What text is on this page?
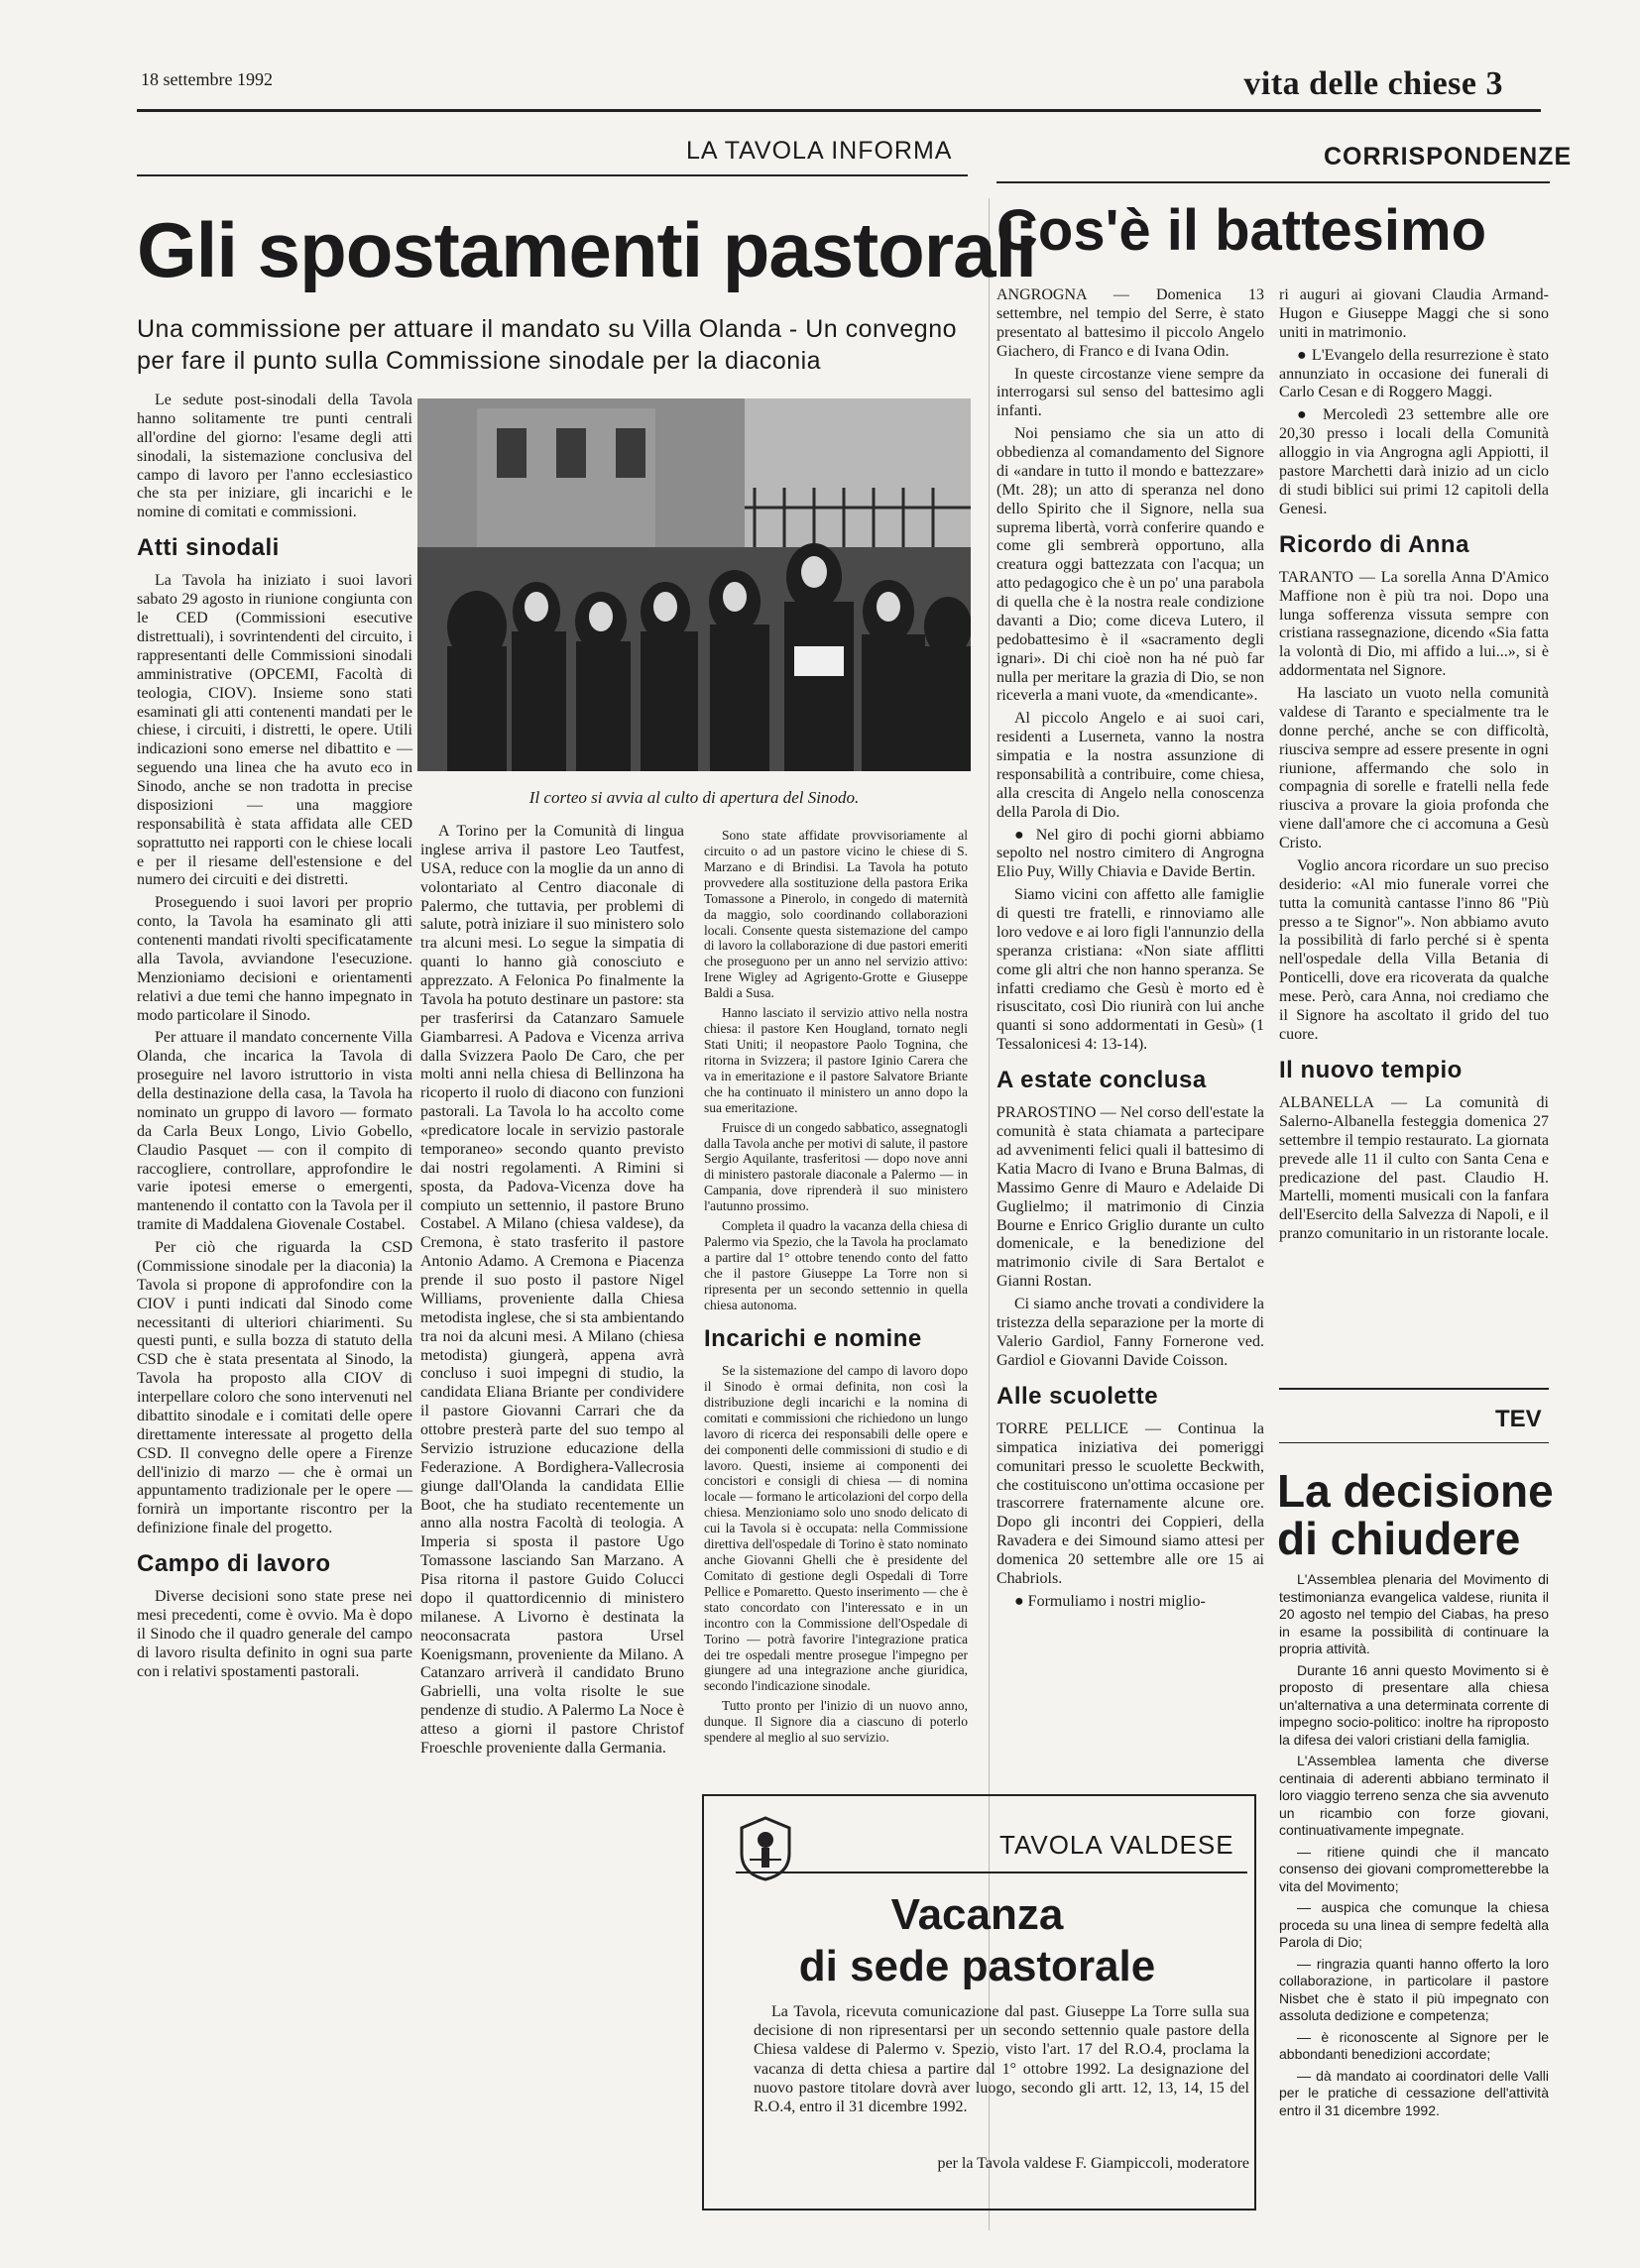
18 settembre 1992	vita delle chiese 3
LA TAVOLA INFORMA	CORRISPONDENZE
Gli spostamenti pastorali
Una commissione per attuare il mandato su Villa Olanda - Un convegno per fare il punto sulla Commissione sinodale per la diaconia
Cos'è il battesimo
Il corteo si avvia al culto di apertura del Sinodo.

Le sedute post-sinodali della Tavola hanno solitamente tre punti centrali all'ordine del giorno: l'esame degli atti sinodali, la sistemazione conclusiva del campo di lavoro per l'anno ecclesiastico che sta per iniziare, gli incarichi e le nomine di comitati e commissioni.

Atti sinodali

La Tavola ha iniziato i suoi lavori sabato 29 agosto in riunione congiunta con le CED (Commissioni esecutive distrettuali), i sovrintendenti del circuito, i rappresentanti delle Commissioni sinodali amministrative (OPCEMI, Facoltà di teologia, CIOV). Insieme sono stati esaminati gli atti contenenti mandati per le chiese, i circuiti, i distretti, le opere. Utili indicazioni sono emerse nel dibattito e — seguendo una linea che ha avuto eco in Sinodo, anche se non tradotta in precise disposizioni — una maggiore responsabilità è stata affidata alle CED soprattutto nei rapporti con le chiese locali e per il riesame dell'estensione e del numero dei circuiti e dei distretti.

Proseguendo i suoi lavori per proprio conto, la Tavola ha esaminato gli atti contenenti mandati rivolti specificatamente alla Tavola, avviandone l'esecuzione. Menzioniamo decisioni e orientamenti relativi a due temi che hanno impegnato in modo particolare il Sinodo.

Per attuare il mandato concernente Villa Olanda, che incarica la Tavola di proseguire nel lavoro istruttorio in vista della destinazione della casa, la Tavola ha nominato un gruppo di lavoro — formato da Carla Beux Longo, Livio Gobello, Claudio Pasquet — con il compito di raccogliere, controllare, approfondire le varie ipotesi emerse o emergenti, mantenendo il contatto con la Tavola per il tramite di Maddalena Giovenale Costabel.

Per ciò che riguarda la CSD (Commissione sinodale per la diaconia) la Tavola si propone di approfondire con la CIOV i punti indicati dal Sinodo come necessitanti di ulteriori chiarimenti. Su questi punti, e sulla bozza di statuto della CSD che è stata presentata al Sinodo, la Tavola ha proposto alla CIOV di interpellare coloro che sono intervenuti nel dibattito sinodale e i comitati delle opere direttamente interessate al progetto della CSD. Il convegno delle opere a Firenze dell'inizio di marzo — che è ormai un appuntamento tradizionale per le opere — fornirà un importante riscontro per la definizione finale del progetto.

Campo di lavoro

Diverse decisioni sono state prese nei mesi precedenti, come è ovvio. Ma è dopo il Sinodo che il quadro generale del campo di lavoro risulta definito in ogni sua parte con i relativi spostamenti pastorali.

A Torino per la Comunità di lingua inglese arriva il pastore Leo Tautfest, USA, reduce con la moglie da un anno di volontariato al Centro diaconale di Palermo, che tuttavia, per problemi di salute, potrà iniziare il suo ministero solo tra alcuni mesi. Lo segue la simpatia di quanti lo hanno già conosciuto e apprezzato. A Felonica Po finalmente la Tavola ha potuto destinare un pastore: sta per trasferirsi da Catanzaro Samuele Giambarresi. A Padova e Vicenza arriva dalla Svizzera Paolo De Caro, che per molti anni nella chiesa di Bellinzona ha ricoperto il ruolo di diacono con funzioni pastorali. La Tavola lo ha accolto come «predicatore locale in servizio pastorale temporaneo» secondo quanto previsto dai nostri regolamenti. A Rimini si sposta, da Padova-Vicenza dove ha compiuto un settennio, il pastore Bruno Costabel. A Milano (chiesa valdese), da Cremona, è stato trasferito il pastore Antonio Adamo. A Cremona e Piacenza prende il suo posto il pastore Nigel Williams, proveniente dalla Chiesa metodista inglese, che si sta ambientando tra noi da alcuni mesi. A Milano (chiesa metodista) giungerà, appena avrà concluso i suoi impegni di studio, la candidata Eliana Briante per condividere il pastore Giovanni Carrari che da ottobre presterà parte del suo tempo al Servizio istruzione educazione della Federazione. A Bordighera-Vallecrosia giunge dall'Olanda la candidata Ellie Boot, che ha studiato recentemente un anno alla nostra Facoltà di teologia. A Imperia si sposta il pastore Ugo Tomassone lasciando San Marzano. A Pisa ritorna il pastore Guido Colucci dopo il quattordicennio di ministero milanese. A Livorno è destinata la neoconsacrata pastora Ursel Koenigsmann, proveniente da Milano. A Catanzaro arriverà il candidato Bruno Gabrielli, una volta risolte le sue pendenze di studio. A Palermo La Noce è atteso a giorni il pastore Christof Froeschle proveniente dalla Germania.

Sono state affidate provvisoriamente al circuito o ad un pastore vicino le chiese di S. Marzano e di Brindisi. La Tavola ha potuto provvedere alla sostituzione della pastora Erika Tomassone a Pinerolo, in congedo di maternità da maggio, solo coordinando collaborazioni locali. Consente questa sistemazione del campo di lavoro la collaborazione di due pastori emeriti che proseguono per un anno nel servizio attivo: Irene Wigley ad Agrigento-Grotte e Giuseppe Baldi a Susa.

Hanno lasciato il servizio attivo nella nostra chiesa: il pastore Ken Hougland, tornato negli Stati Uniti; il neopastore Paolo Tognina, che ritorna in Svizzera; il pastore Iginio Carera che va in emeritazione e il pastore Salvatore Briante che ha continuato il ministero un anno dopo la sua emeritazione.

Fruisce di un congedo sabbatico, assegnatogli dalla Tavola anche per motivi di salute, il pastore Sergio Aquilante, trasferitosi — dopo nove anni di ministero pastorale diaconale a Palermo — in Campania, dove riprenderà il suo ministero l'autunno prossimo.

Completa il quadro la vacanza della chiesa di Palermo via Spezio, che la Tavola ha proclamato a partire dal 1° ottobre tenendo conto del fatto che il pastore Giuseppe La Torre non si ripresenta per un secondo settennio in quella chiesa autonoma.

Incarichi e nomine

Se la sistemazione del campo di lavoro dopo il Sinodo è ormai definita, non così la distribuzione degli incarichi e la nomina di comitati e commissioni che richiedono un lungo lavoro di ricerca dei responsabili delle opere e dei componenti delle commissioni di studio e di lavoro. Questi, insieme ai componenti dei concistori e consigli di chiesa — di nomina locale — formano le articolazioni del corpo della chiesa. Menzioniamo solo uno snodo delicato di cui la Tavola si è occupata: nella Commissione direttiva dell'ospedale di Torino è stato nominato anche Giovanni Ghelli che è presidente del Comitato di gestione degli Ospedali di Torre Pellice e Pomaretto. Questo inserimento — che è stato concordato con l'interessato e in un incontro con la Commissione dell'Ospedale di Torino — potrà favorire l'integrazione pratica dei tre ospedali mentre prosegue l'impegno per giungere ad una integrazione anche giuridica, secondo l'indicazione sinodale.

Tutto pronto per l'inizio di un nuovo anno, dunque. Il Signore dia a ciascuno di poterlo spendere al meglio al suo servizio.

ANGROGNA — Domenica 13 settembre, nel tempio del Serre, è stato presentato al battesimo il piccolo Angelo Giachero, di Franco e di Ivana Odin.

In queste circostanze viene sempre da interrogarsi sul senso del battesimo agli infanti.

Noi pensiamo che sia un atto di obbedienza al comandamento del Signore di «andare in tutto il mondo e battezzare» (Mt. 28); un atto di speranza nel dono dello Spirito che il Signore, nella sua suprema libertà, vorrà conferire quando e come gli sembrerà opportuno, alla creatura oggi battezzata con l'acqua; un atto pedagogico che è un po' una parabola di quella che è la nostra reale condizione davanti a Dio; come diceva Lutero, il pedobattesimo è il «sacramento degli ignari». Di chi cioè non ha né può far nulla per meritare la grazia di Dio, se non riceverla a mani vuote, da «mendicante».

Al piccolo Angelo e ai suoi cari, residenti a Luserneta, vanno la nostra simpatia e la nostra assunzione di responsabilità a contribuire, come chiesa, alla crescita di Angelo nella conoscenza della Parola di Dio.

● Nel giro di pochi giorni abbiamo sepolto nel nostro cimitero di Angrogna Elio Puy, Willy Chiavia e Davide Bertin.

Siamo vicini con affetto alle famiglie di questi tre fratelli, e rinnoviamo alle loro vedove e ai loro figli l'annunzio della speranza cristiana: «Non siate afflitti come gli altri che non hanno speranza. Se infatti crediamo che Gesù è morto ed è risuscitato, così Dio riunirà con lui anche quanti si sono addormentati in Gesù» (1 Tessalonicesi 4: 13-14).

A estate conclusa

PRAROSTINO — Nel corso dell'estate la comunità è stata chiamata a partecipare ad avvenimenti felici quali il battesimo di Katia Macro di Ivano e Bruna Balmas, di Massimo Genre di Mauro e Adelaide Di Guglielmo; il matrimonio di Cinzia Bourne e Enrico Griglio durante un culto domenicale, e la benedizione del matrimonio civile di Sara Bertalot e Gianni Rostan.

Ci siamo anche trovati a condividere la tristezza della separazione per la morte di Valerio Gardiol, Fanny Fornerone ved. Gardiol e Giovanni Davide Coisson.

Alle scuolette

TORRE PELLICE — Continua la simpatica iniziativa dei pomeriggi comunitari presso le scuolette Beckwith, che costituiscono un'ottima occasione per trascorrere fraternamente alcune ore. Dopo gli incontri dei Coppieri, della Ravadera e dei Simound siamo attesi per domenica 20 settembre alle ore 15 ai Chabriols.

● Formuliamo i nostri miglio-

ri auguri ai giovani Claudia Armand-Hugon e Giuseppe Maggi che si sono uniti in matrimonio.

● L'Evangelo della resurrezione è stato annunziato in occasione dei funerali di Carlo Cesan e di Roggero Maggi.

● Mercoledì 23 settembre alle ore 20,30 presso i locali della Comunità alloggio in via Angrogna agli Appiotti, il pastore Marchetti darà inizio ad un ciclo di studi biblici sui primi 12 capitoli della Genesi.

Ricordo di Anna

TARANTO — La sorella Anna D'Amico Maffione non è più tra noi. Dopo una lunga sofferenza vissuta sempre con cristiana rassegnazione, dicendo «Sia fatta la volontà di Dio, mi affido a lui...», si è addormentata nel Signore.

Ha lasciato un vuoto nella comunità valdese di Taranto e specialmente tra le donne perché, anche se con difficoltà, riusciva sempre ad essere presente in ogni riunione, affermando che solo in compagnia di sorelle e fratelli nella fede riusciva a provare la gioia profonda che viene dall'amore che ci accomuna a Gesù Cristo.

Voglio ancora ricordare un suo preciso desiderio: «Al mio funerale vorrei che tutta la comunità cantasse l'inno 86 "Più presso a te Signor"». Non abbiamo avuto la possibilità di farlo perché si è spenta nell'ospedale della Villa Betania di Ponticelli, dove era ricoverata da qualche mese. Però, cara Anna, noi crediamo che il Signore ha ascoltato il grido del tuo cuore.

Il nuovo tempio

ALBANELLA — La comunità di Salerno-Albanella festeggia domenica 27 settembre il tempio restaurato. La giornata prevede alle 11 il culto con Santa Cena e predicazione del past. Claudio H. Martelli, momenti musicali con la fanfara dell'Esercito della Salvezza di Napoli, e il pranzo comunitario in un ristorante locale.

TEV
La decisione
di chiudere

L'Assemblea plenaria del Movimento di testimonianza evangelica valdese, riunita il 20 agosto nel tempio del Ciabas, ha preso in esame la possibilità di continuare la propria attività.

Durante 16 anni questo Movimento si è proposto di presentare alla chiesa un'alternativa a una determinata corrente di impegno socio-politico: inoltre ha riproposto la difesa dei valori cristiani della famiglia.

L'Assemblea lamenta che diverse centinaia di aderenti abbiano terminato il loro viaggio terreno senza che sia avvenuto un ricambio con forze giovani, continuativamente impegnate.

— ritiene quindi che il mancato consenso dei giovani comprometterebbe la vita del Movimento;

— auspica che comunque la chiesa proceda su una linea di sempre fedeltà alla Parola di Dio;

— ringrazia quanti hanno offerto la loro collaborazione, in particolare il pastore Nisbet che è stato il più impegnato con assoluta dedizione e competenza;

— è riconoscente al Signore per le abbondanti benedizioni accordate;

— dà mandato ai coordinatori delle Valli per le pratiche di cessazione dell'attività entro il 31 dicembre 1992.

TAVOLA VALDESE
Vacanza
di sede pastorale

La Tavola, ricevuta comunicazione dal past. Giuseppe La Torre sulla sua decisione di non ripresentarsi per un secondo settennio quale pastore della Chiesa valdese di Palermo v. Spezio, visto l'art. 17 del R.O.4, proclama la vacanza di detta chiesa a partire dal 1° ottobre 1992. La designazione del nuovo pastore titolare dovrà aver luogo, secondo gli artt. 12, 13, 14, 15 del R.O.4, entro il 31 dicembre 1992.

per la Tavola valdese F. Giampiccoli, moderatore
